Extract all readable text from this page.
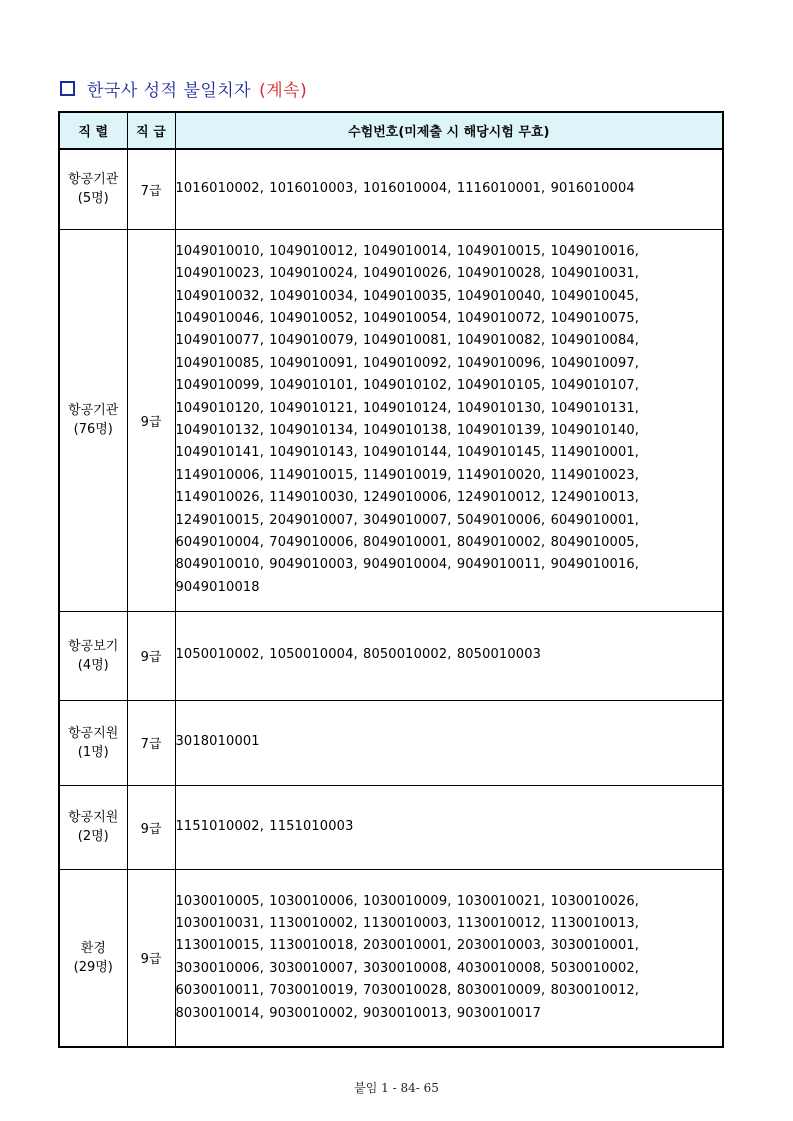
한국사 성적 불일치자 (계속)
직 렬	직 급	수험번호(미제출 시 해당시험 무효)

항공기관
(5명)	7급	1016010002, 1016010003, 1016010004, 1116010001, 9016010004

항공기관
(76명)	9급	1049010010, 1049010012, 1049010014, 1049010015, 1049010016, 1049010023, 1049010024, 1049010026, 1049010028, 1049010031, 1049010032, 1049010034, 1049010035, 1049010040, 1049010045, 1049010046, 1049010052, 1049010054, 1049010072, 1049010075, 1049010077, 1049010079, 1049010081, 1049010082, 1049010084, 1049010085, 1049010091, 1049010092, 1049010096, 1049010097, 1049010099, 1049010101, 1049010102, 1049010105, 1049010107, 1049010120, 1049010121, 1049010124, 1049010130, 1049010131, 1049010132, 1049010134, 1049010138, 1049010139, 1049010140, 1049010141, 1049010143, 1049010144, 1049010145, 1149010001, 1149010006, 1149010015, 1149010019, 1149010020, 1149010023, 1149010026, 1149010030, 1249010006, 1249010012, 1249010013, 1249010015, 2049010007, 3049010007, 5049010006, 6049010001, 6049010004, 7049010006, 8049010001, 8049010002, 8049010005, 8049010010, 9049010003, 9049010004, 9049010011, 9049010016, 9049010018

항공보기
(4명)	9급	1050010002, 1050010004, 8050010002, 8050010003

항공지원
(1명)	7급	3018010001

항공지원
(2명)	9급	1151010002, 1151010003

환경
(29명)	9급	1030010005, 1030010006, 1030010009, 1030010021, 1030010026, 1030010031, 1130010002, 1130010003, 1130010012, 1130010013, 1130010015, 1130010018, 2030010001, 2030010003, 3030010001, 3030010006, 3030010007, 3030010008, 4030010008, 5030010002, 6030010011, 7030010019, 7030010028, 8030010009, 8030010012, 8030010014, 9030010002, 9030010013, 9030010017
붙임 1 - 84- 65
